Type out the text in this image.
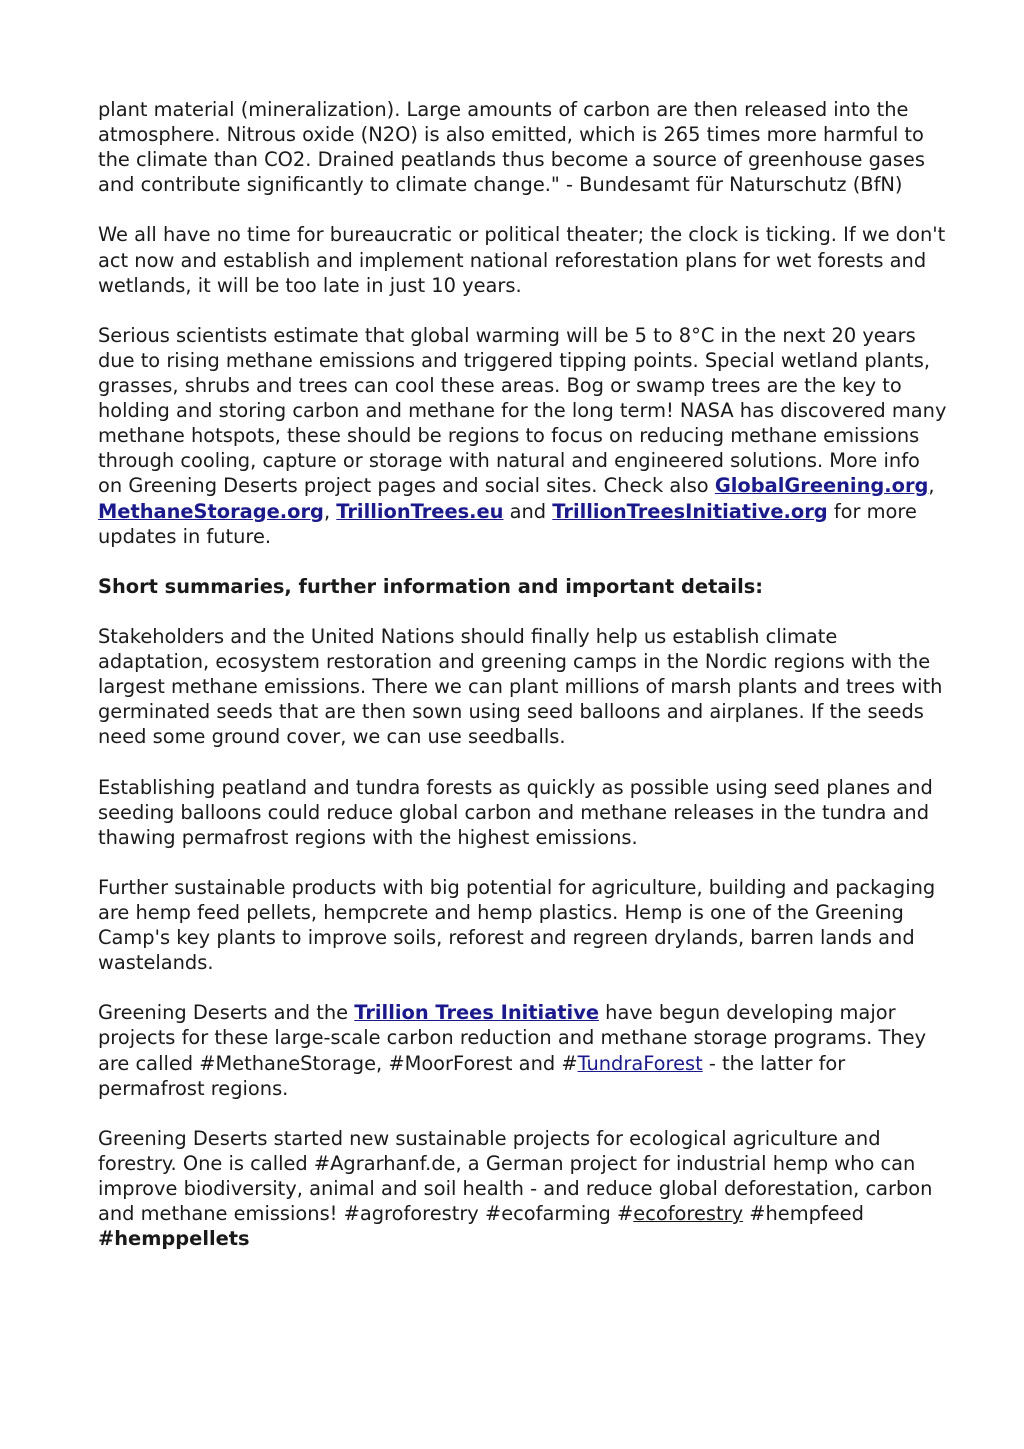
plant material (mineralization). Large amounts of carbon are then released into the atmosphere. Nitrous oxide (N2O) is also emitted, which is 265 times more harmful to the climate than CO2. Drained peatlands thus become a source of greenhouse gases and contribute significantly to climate change." - Bundesamt für Naturschutz (BfN)

We all have no time for bureaucratic or political theater; the clock is ticking. If we don't act now and establish and implement national reforestation plans for wet forests and wetlands, it will be too late in just 10 years.

Serious scientists estimate that global warming will be 5 to 8°C in the next 20 years due to rising methane emissions and triggered tipping points. Special wetland plants, grasses, shrubs and trees can cool these areas. Bog or swamp trees are the key to holding and storing carbon and methane for the long term! NASA has discovered many methane hotspots, these should be regions to focus on reducing methane emissions through cooling, capture or storage with natural and engineered solutions. More info on Greening Deserts project pages and social sites. Check also GlobalGreening.org, MethaneStorage.org, TrillionTrees.eu and TrillionTreesInitiative.org for more updates in future.

Short summaries, further information and important details:

Stakeholders and the United Nations should finally help us establish climate adaptation, ecosystem restoration and greening camps in the Nordic regions with the largest methane emissions. There we can plant millions of marsh plants and trees with germinated seeds that are then sown using seed balloons and airplanes. If the seeds need some ground cover, we can use seedballs.

Establishing peatland and tundra forests as quickly as possible using seed planes and seeding balloons could reduce global carbon and methane releases in the tundra and thawing permafrost regions with the highest emissions.

Further sustainable products with big potential for agriculture, building and packaging are hemp feed pellets, hempcrete and hemp plastics. Hemp is one of the Greening Camp's key plants to improve soils, reforest and regreen drylands, barren lands and wastelands.

Greening Deserts and the Trillion Trees Initiative have begun developing major projects for these large-scale carbon reduction and methane storage programs. They are called #MethaneStorage, #MoorForest and #TundraForest - the latter for permafrost regions.

Greening Deserts started new sustainable projects for ecological agriculture and forestry. One is called #Agrarhanf.de, a German project for industrial hemp who can improve biodiversity, animal and soil health - and reduce global deforestation, carbon and methane emissions! #agroforestry #ecofarming #ecoforestry #hempfeed #hemppellets
